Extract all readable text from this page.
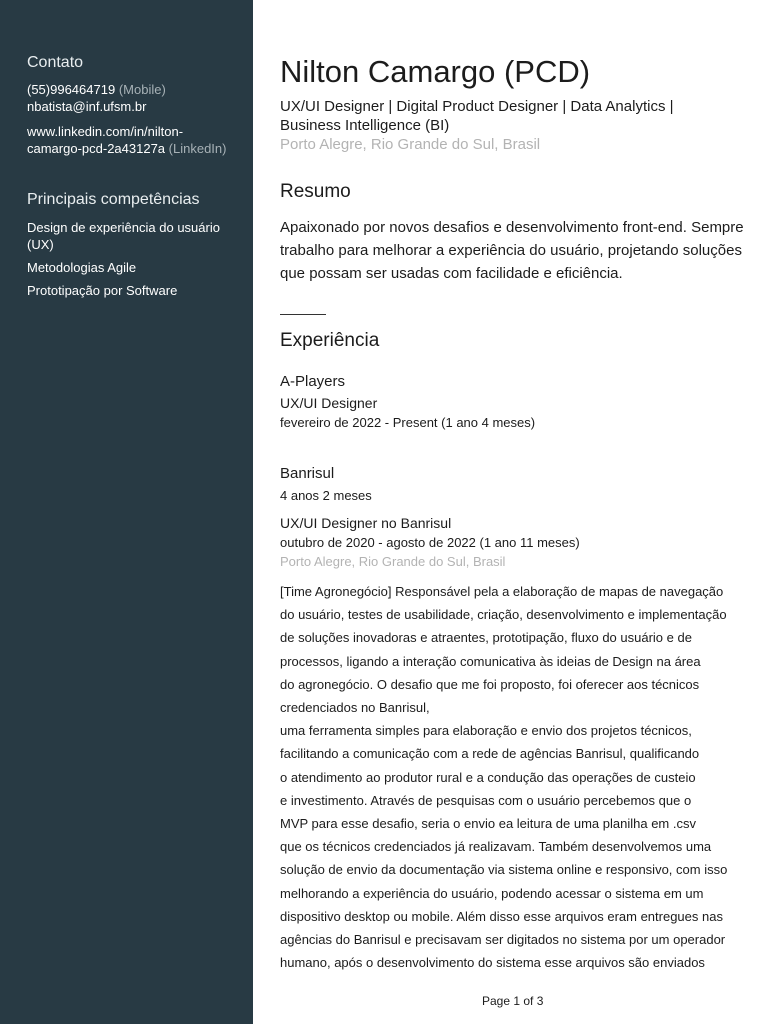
Contato
(55)996464719 (Mobile)
nbatista@inf.ufsm.br
www.linkedin.com/in/nilton-
camargo-pcd-2a43127a (LinkedIn)
Principais competências
Design de experiência do usuário (UX)
Metodologias Agile
Prototipação por Software
Nilton Camargo (PCD)
UX/UI Designer | Digital Product Designer | Data Analytics | Business Intelligence (BI)
Porto Alegre, Rio Grande do Sul, Brasil
Resumo
Apaixonado por novos desafios e desenvolvimento front-end. Sempre trabalho para melhorar a experiência do usuário, projetando soluções que possam ser usadas com facilidade e eficiência.
Experiência
A-Players
UX/UI Designer
fevereiro de 2022 - Present (1 ano 4 meses)
Banrisul
4 anos 2 meses
UX/UI Designer no Banrisul
outubro de 2020 - agosto de 2022 (1 ano 11 meses)
Porto Alegre, Rio Grande do Sul, Brasil
[Time Agronegócio] Responsável pela a elaboração de mapas de navegação
do usuário, testes de usabilidade, criação, desenvolvimento e implementação
de soluções inovadoras e atraentes, prototipação, fluxo do usuário e de
processos, ligando a interação comunicativa às ideias de Design na área
do agronegócio. O desafio que me foi proposto, foi oferecer aos técnicos
credenciados no Banrisul,
uma ferramenta simples para elaboração e envio dos projetos técnicos,
facilitando a comunicação com a rede de agências Banrisul, qualificando
o atendimento ao produtor rural e a condução das operações de custeio
e investimento. Através de pesquisas com o usuário percebemos que o
MVP para esse desafio, seria o envio ea leitura de uma planilha em .csv
que os técnicos credenciados já realizavam. Também desenvolvemos uma
solução de envio da documentação via sistema online e responsivo, com isso
melhorando a experiência do usuário, podendo acessar o sistema em um
dispositivo desktop ou mobile. Além disso esse arquivos eram entregues nas
agências do Banrisul e precisavam ser digitados no sistema por um operador
humano, após o desenvolvimento do sistema esse arquivos são enviados
Page 1 of 3
